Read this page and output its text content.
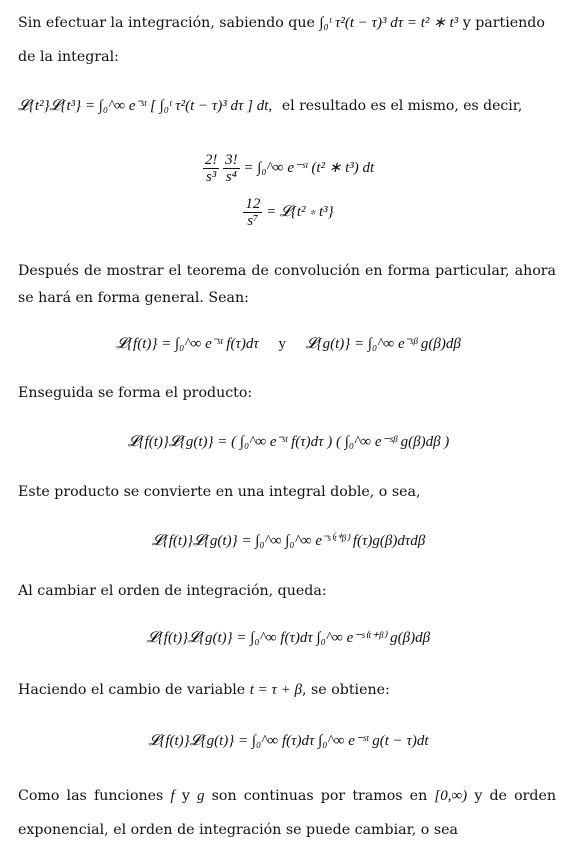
Sin efectuar la integración, sabiendo que ∫₀ᵗ τ²(t − τ)³ dτ = t² ∗ t³ y partiendo
de la integral:
𝓛{t²}𝓛{t³} = ∫₀^∞ e⁻ˢᵗ [ ∫₀ᵗ τ²(t − τ)³ dτ ] dt, el resultado es el mismo, es decir,
$\frac{2!}{\text{s³}}$
$\frac{3!}{\text{s⁴}}$ = ∫₀^∞ e⁻ˢᵗ (t² ∗ t³) dt
$\frac{12}{\text{s⁷}}$ = 𝓛{t² ∗ t³}
Después de mostrar el teorema de convolución en forma particular, ahora se hará en forma general. Sean:
𝓛{f(t)} = ∫₀^∞ e⁻ˢᵗ f(τ)dτ y 𝓛{g(t)} = ∫₀^∞ e⁻ˢᵝ g(β)dβ
Enseguida se forma el producto:
𝓛{f(t)}𝓛{g(t)} = ( ∫₀^∞ e⁻ˢᵗ f(τ)dτ ) ( ∫₀^∞ e⁻ˢᵝ g(β)dβ )
Este producto se convierte en una integral doble, o sea,
𝓛{f(t)}𝓛{g(t)} = ∫₀^∞ ∫₀^∞ e⁻ˢ⁽ᵗ⁺ᵝ⁾ f(τ)g(β)dτdβ
Al cambiar el orden de integración, queda:
𝓛{f(t)}𝓛{g(t)} = ∫₀^∞ f(τ)dτ ∫₀^∞ e⁻ˢ⁽ᵗ⁺ᵝ⁾ g(β)dβ
Haciendo el cambio de variable t = τ + β, se obtiene:
𝓛{f(t)}𝓛{g(t)} = ∫₀^∞ f(τ)dτ ∫₀^∞ e⁻ˢᵗ g(t − τ)dt
Como las funciones f y g son continuas por tramos en [0,∞) y de orden exponencial, el orden de integración se puede cambiar, o sea
